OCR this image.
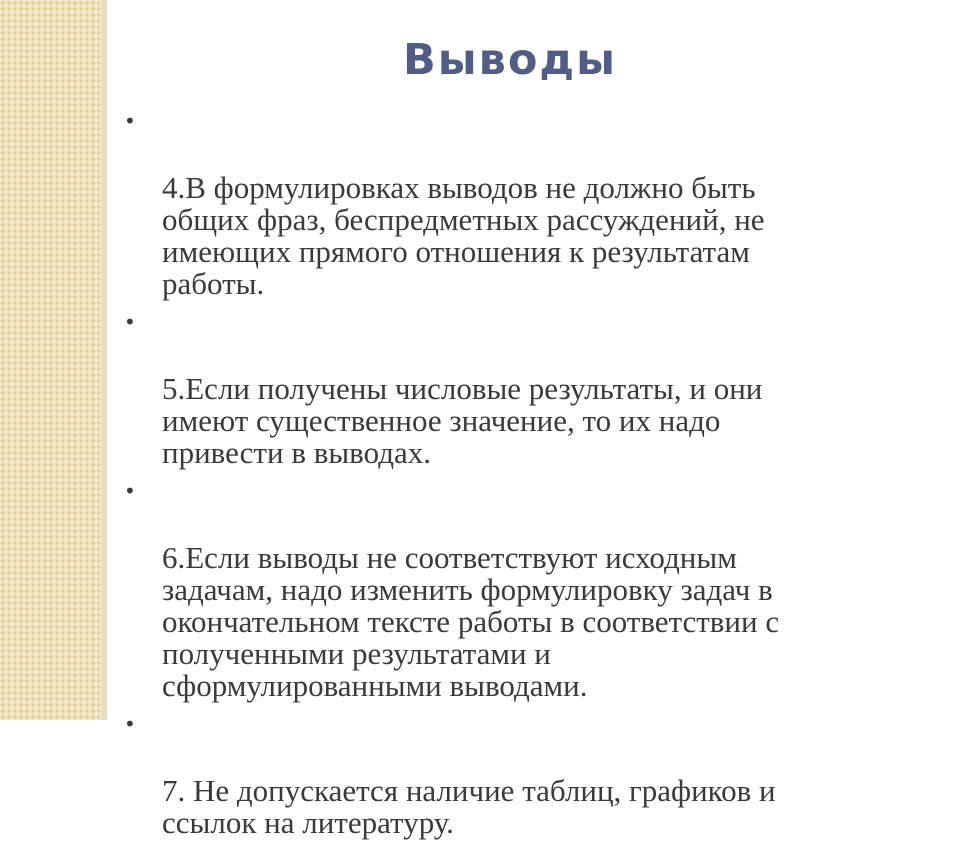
Выводы

•

4.В формулировках выводов не должно быть
общих фраз, беспредметных рассуждений, не
имеющих прямого отношения к результатам
работы.

•

5.Если получены числовые результаты, и они
имеют существенное значение, то их надо
привести в выводах.

•

6.Если выводы не соответствуют исходным
задачам, надо изменить формулировку задач в
окончательном тексте работы в соответствии с
полученными результатами и
сформулированными выводами.

•

7. Не допускается наличие таблиц, графиков и
ссылок на литературу.
